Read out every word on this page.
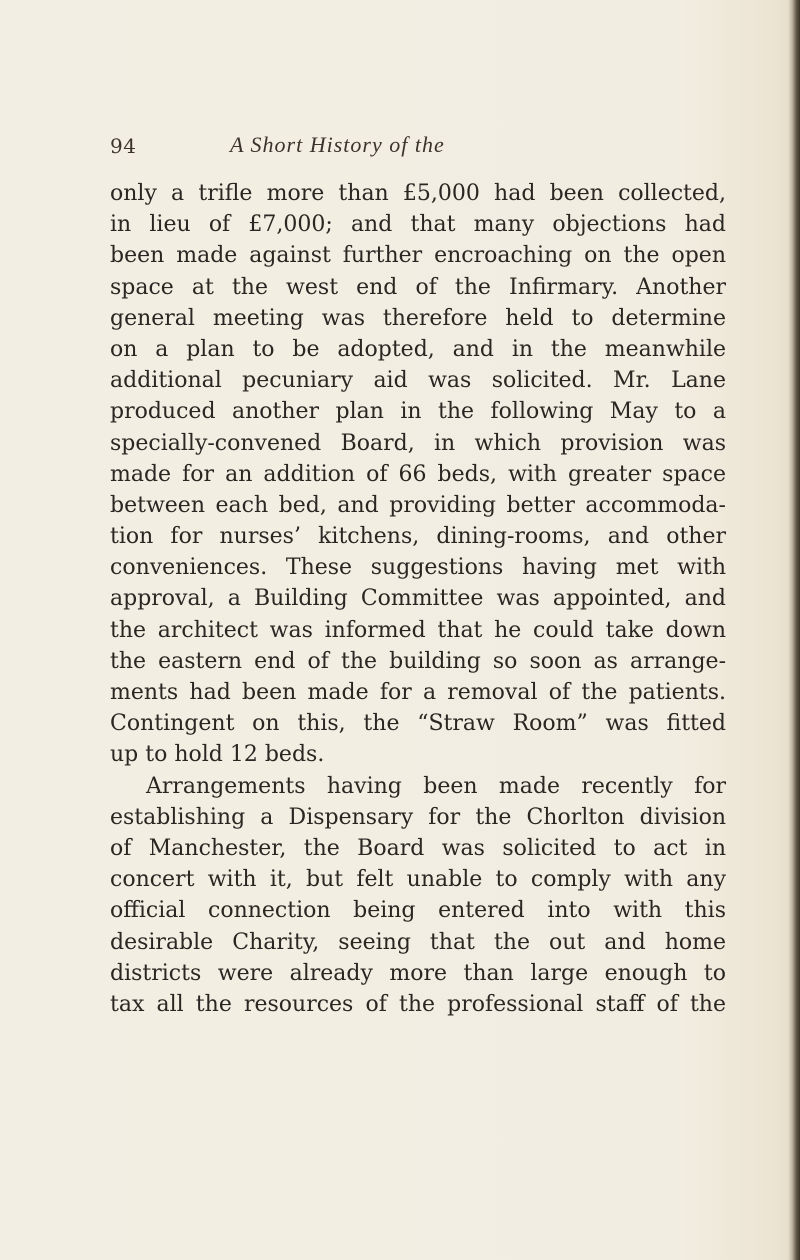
94	A Short History of the
only a trifle more than £5,000 had been collected,
in lieu of £7,000; and that many objections had
been made against further encroaching on the open
space at the west end of the Infirmary. Another
general meeting was therefore held to determine
on a plan to be adopted, and in the meanwhile
additional pecuniary aid was solicited. Mr. Lane
produced another plan in the following May to a
specially-convened Board, in which provision was
made for an addition of 66 beds, with greater space
between each bed, and providing better accommoda-
tion for nurses’ kitchens, dining-rooms, and other
conveniences. These suggestions having met with
approval, a Building Committee was appointed, and
the architect was informed that he could take down
the eastern end of the building so soon as arrange-
ments had been made for a removal of the patients.
Contingent on this, the “Straw Room” was fitted
up to hold 12 beds.
Arrangements having been made recently for
establishing a Dispensary for the Chorlton division
of Manchester, the Board was solicited to act in
concert with it, but felt unable to comply with any
official connection being entered into with this
desirable Charity, seeing that the out and home
districts were already more than large enough to
tax all the resources of the professional staff of the
